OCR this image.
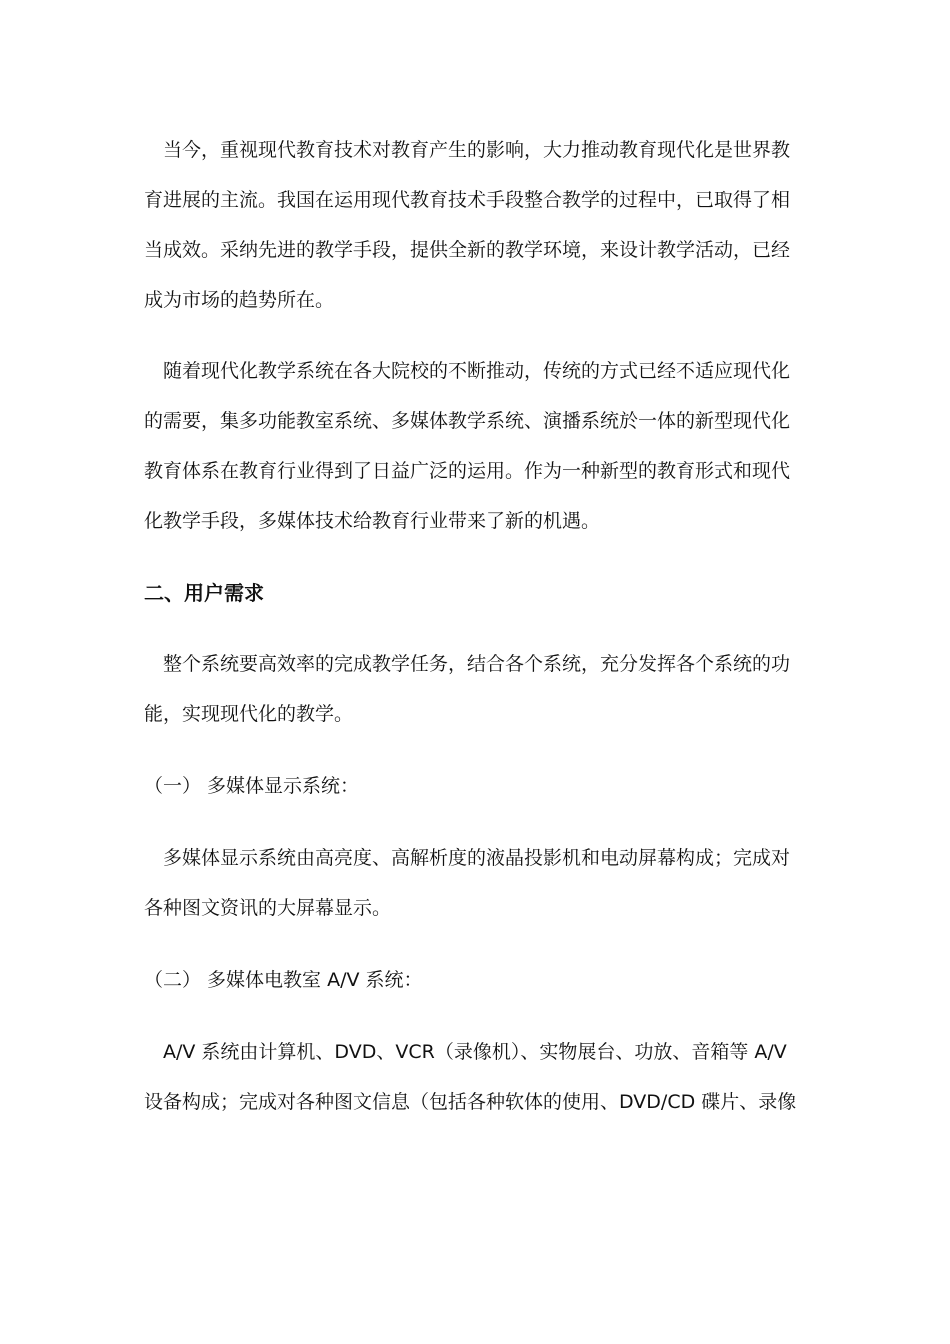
　当今，重视现代教育技术对教育产生的影响，大力推动教育现代化是世界教
育进展的主流。我国在运用现代教育技术手段整合教学的过程中，已取得了相
当成效。采纳先进的教学手段，提供全新的教学环境，来设计教学活动，已经
成为市场的趋势所在。
　随着现代化教学系统在各大院校的不断推动，传统的方式已经不适应现代化
的需要，集多功能教室系统、多媒体教学系统、演播系统於一体的新型现代化
教育体系在教育行业得到了日益广泛的运用。作为一种新型的教育形式和现代
化教学手段，多媒体技术给教育行业带来了新的机遇。
二、用户需求
　整个系统要高效率的完成教学任务，结合各个系统，充分发挥各个系统的功
能，实现现代化的教学。
（一） 多媒体显示系统：
　多媒体显示系统由高亮度、高解析度的液晶投影机和电动屏幕构成；完成对
各种图文资讯的大屏幕显示。
（二） 多媒体电教室 A/V 系统：
　A/V 系统由计算机、DVD、VCR（录像机）、实物展台、功放、音箱等 A/V
设备构成；完成对各种图文信息（包括各种软体的使用、DVD/CD 碟片、录像
